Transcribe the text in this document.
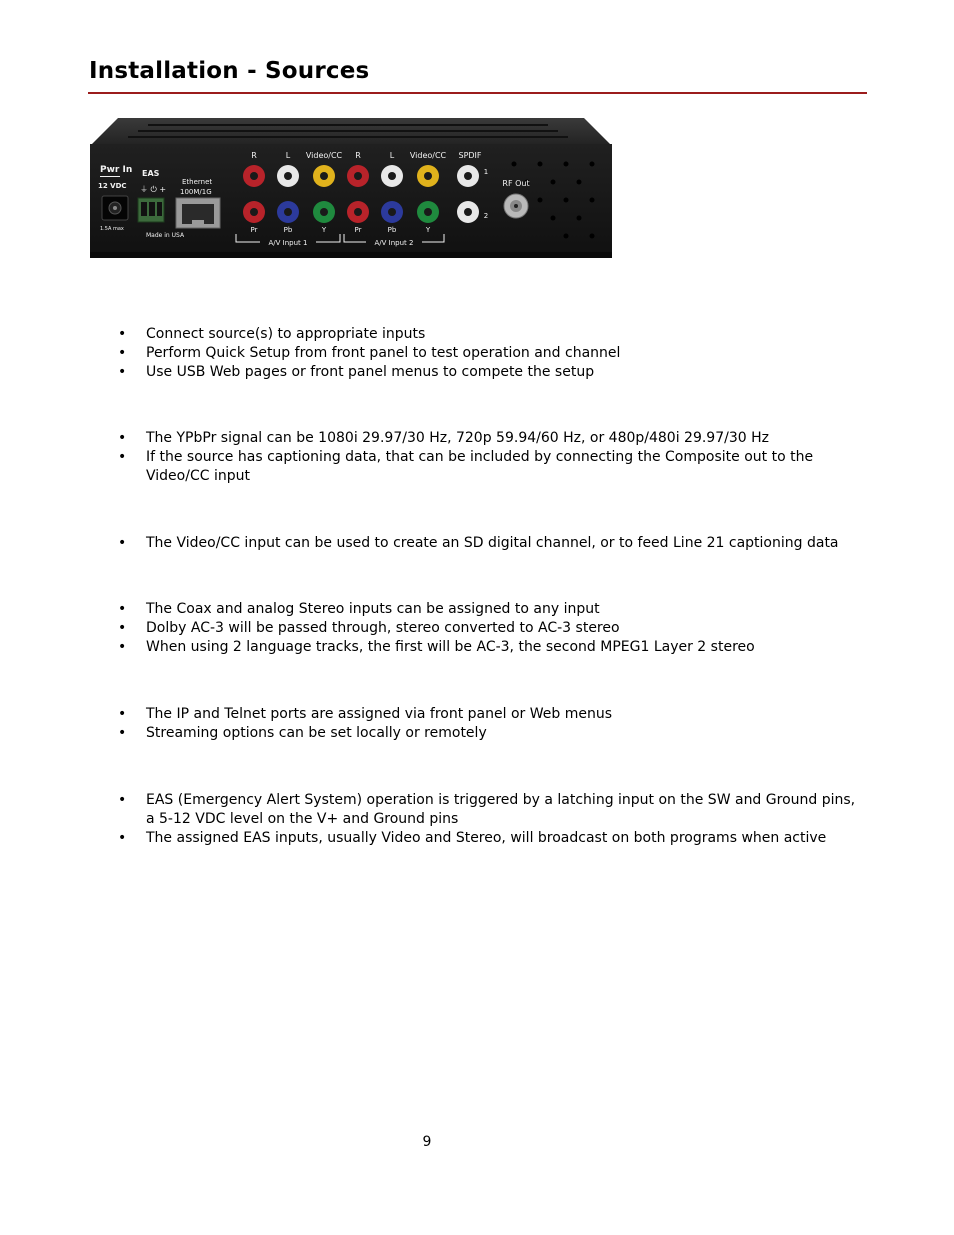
Installation - Sources
Pwr In
12 VDC
1.5A max
EAS
⏚ ⏻ +
Made in USA
Ethernet
100M/1G
R	L Video/CC R	L Video/CC SPDIF
1
2
RF Out
Pr	Pb	Y	Pr	Pb	Y
A/V Input 1	A/V Input 2
• Connect source(s) to appropriate inputs
• Perform Quick Setup from front panel to test operation and channel
• Use USB Web pages or front panel menus to compete the setup
• The YPbPr signal can be 1080i 29.97/30 Hz, 720p 59.94/60 Hz, or 480p/480i 29.97/30 Hz
• If the source has captioning data, that can be included by connecting the Composite out to the Video/CC input
• The Video/CC input can be used to create an SD digital channel, or to feed Line 21 captioning data
• The Coax and analog Stereo inputs can be assigned to any input
• Dolby AC-3 will be passed through, stereo converted to AC-3 stereo
• When using 2 language tracks, the first will be AC-3, the second MPEG1 Layer 2 stereo
• The IP and Telnet ports are assigned via front panel or Web menus
• Streaming options can be set locally or remotely
• EAS (Emergency Alert System) operation is triggered by a latching input on the SW and Ground pins, a 5-12 VDC level on the V+ and Ground pins
• The assigned EAS inputs, usually Video and Stereo, will broadcast on both programs when active
9
